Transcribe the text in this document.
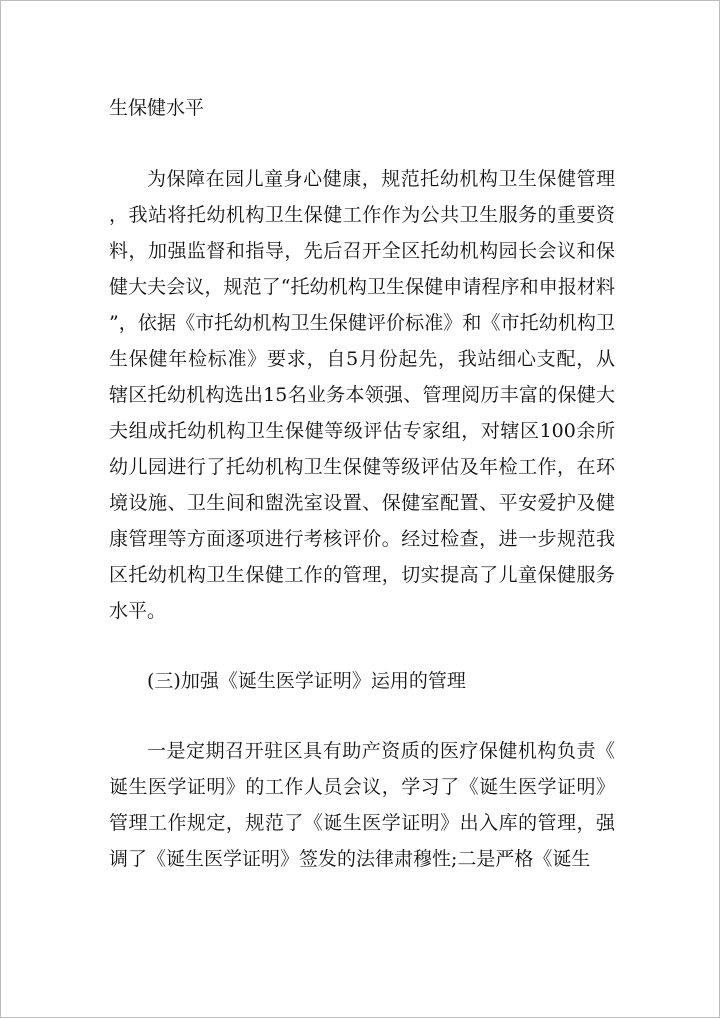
生保健水平

为保障在园儿童身心健康，规范托幼机构卫生保健管理，我站将托幼机构卫生保健工作作为公共卫生服务的重要资料，加强监督和指导，先后召开全区托幼机构园长会议和保健大夫会议，规范了“托幼机构卫生保健申请程序和申报材料”，依据《市托幼机构卫生保健评价标准》和《市托幼机构卫生保健年检标准》要求，自5月份起先，我站细心支配，从辖区托幼机构选出15名业务本领强、管理阅历丰富的保健大夫组成托幼机构卫生保健等级评估专家组，对辖区100余所幼儿园进行了托幼机构卫生保健等级评估及年检工作，在环境设施、卫生间和盥洗室设置、保健室配置、平安爱护及健康管理等方面逐项进行考核评价。经过检查，进一步规范我区托幼机构卫生保健工作的管理，切实提高了儿童保健服务水平。

(三)加强《诞生医学证明》运用的管理

一是定期召开驻区具有助产资质的医疗保健机构负责《诞生医学证明》的工作人员会议，学习了《诞生医学证明》管理工作规定，规范了《诞生医学证明》出入库的管理，强调了《诞生医学证明》签发的法律肃穆性;二是严格《诞生
